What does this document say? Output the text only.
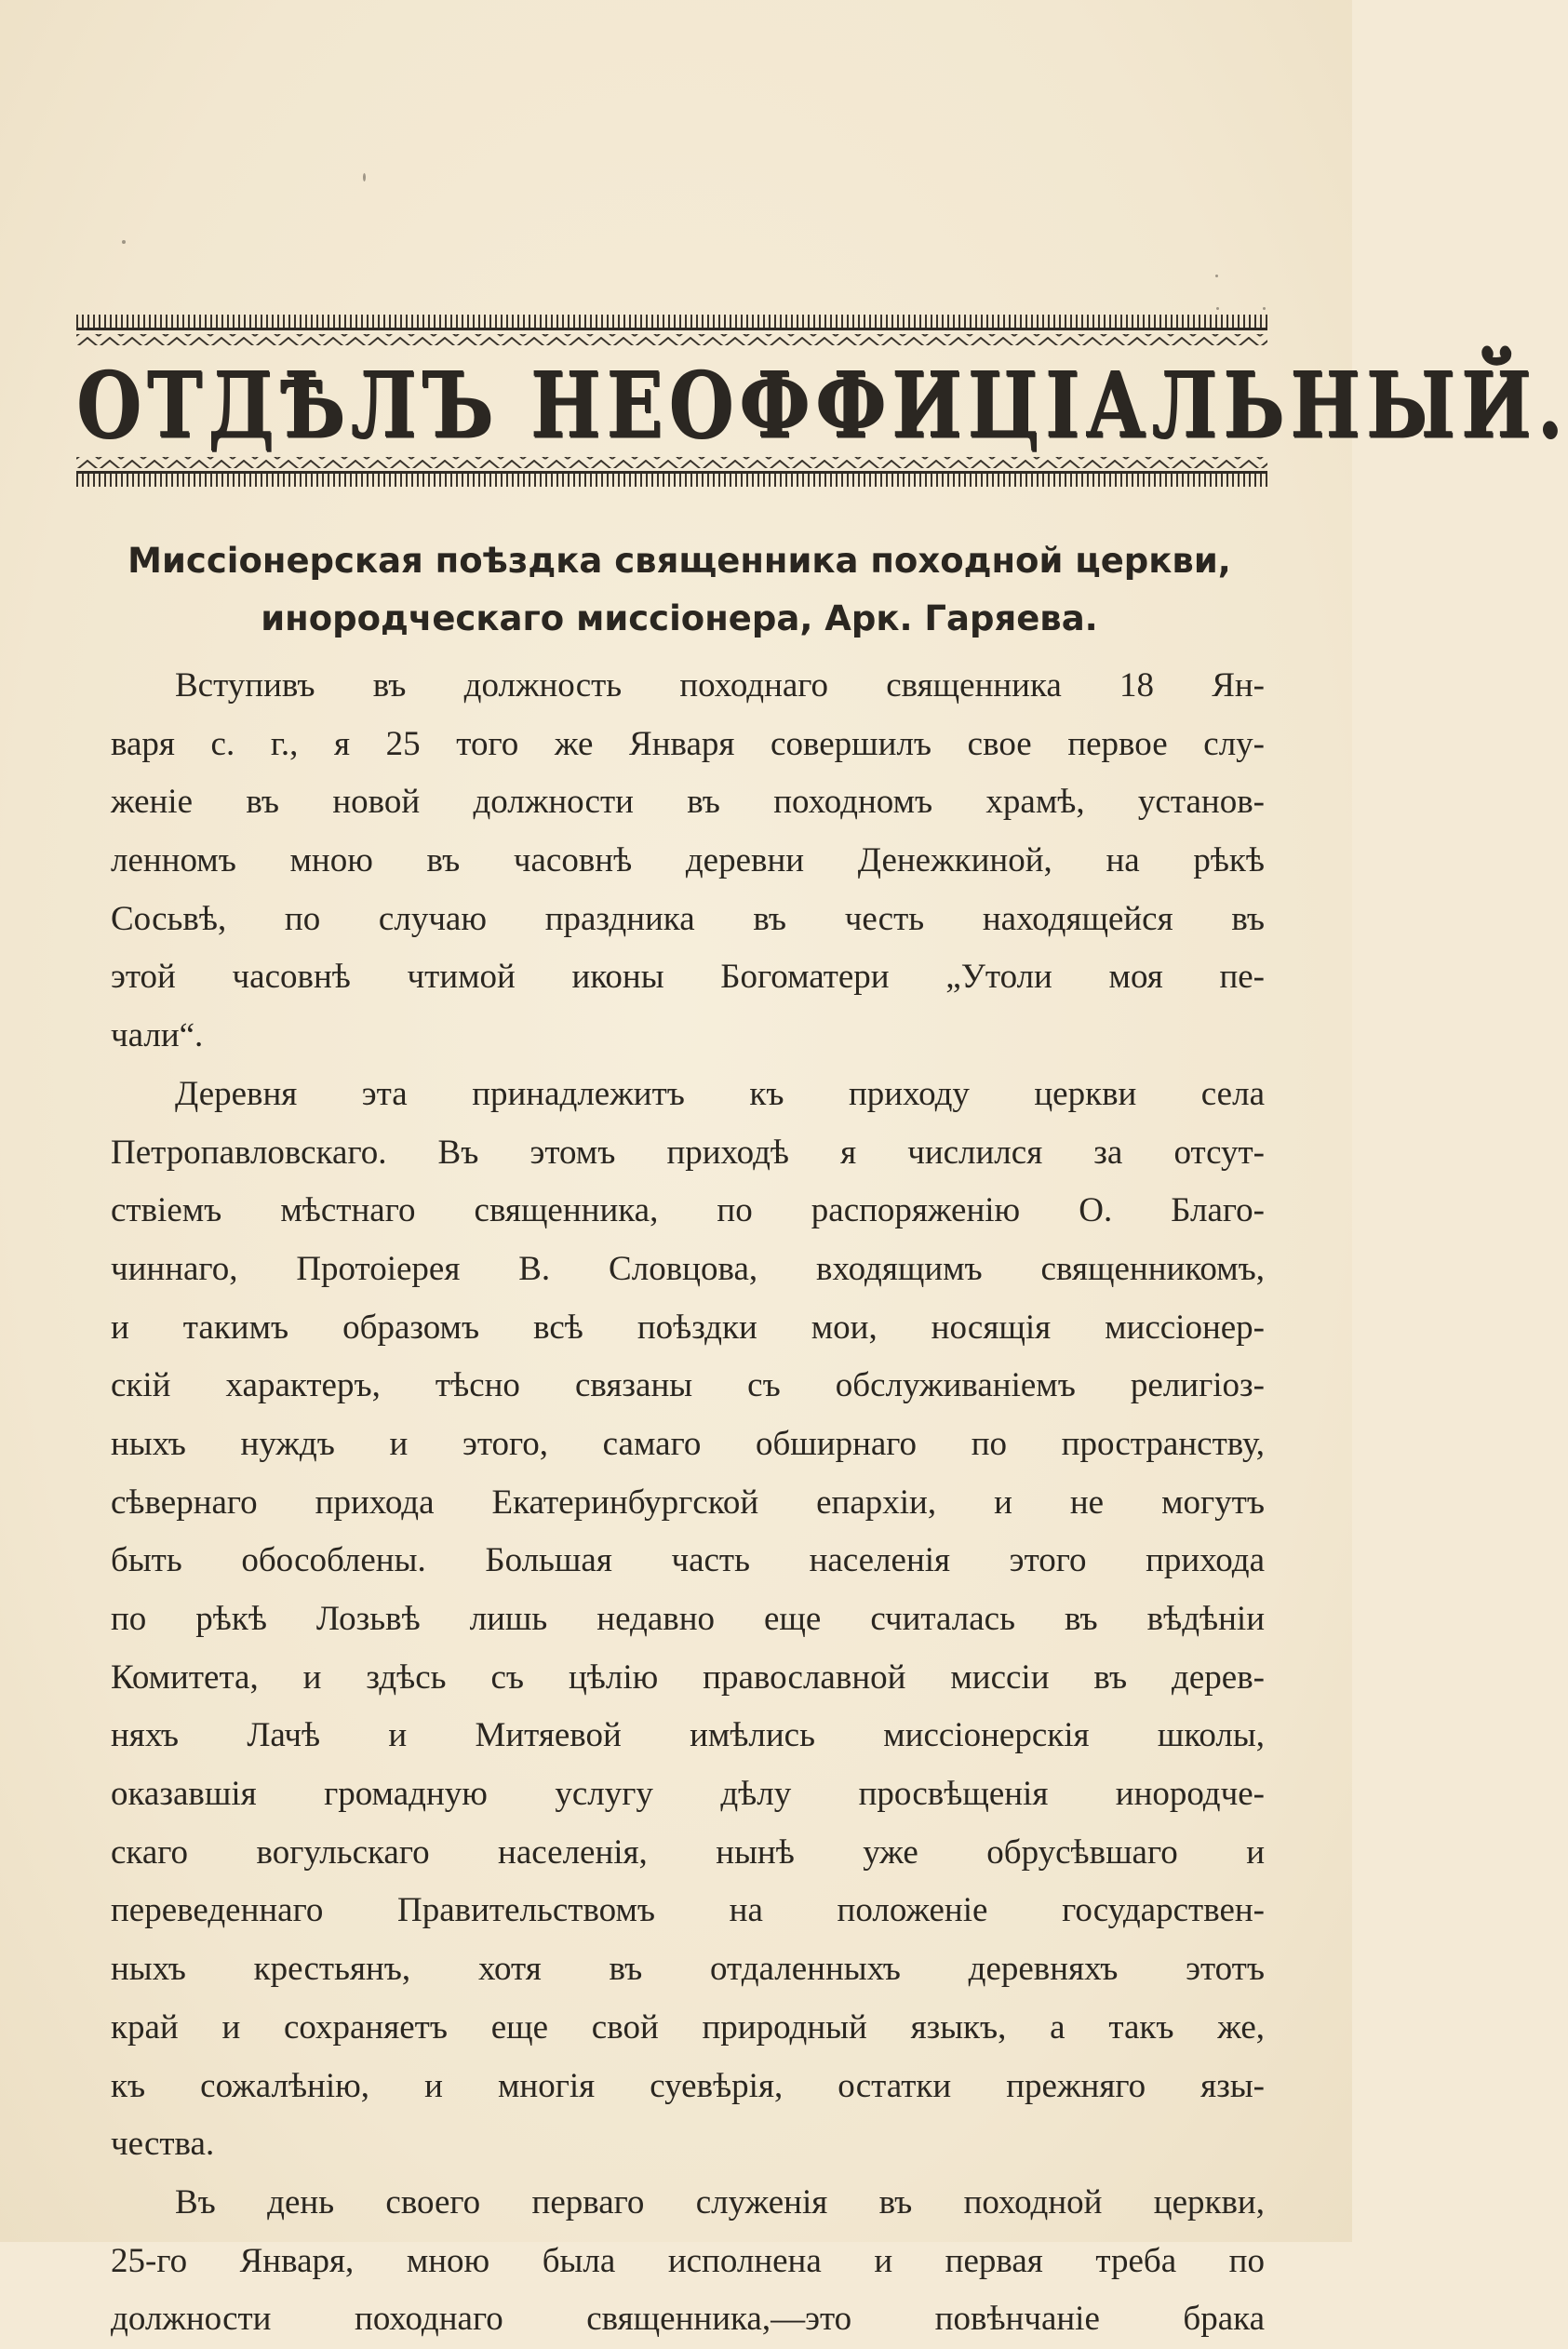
ОТДѢЛЪ НЕОФФИЦІАЛЬНЫЙ.
Миссіонерская поѣздка священника походной церкви,
инородческаго миссіонера, Арк. Гаряева.
Вступивъ въ должность походнаго священника 18 Ян-
варя с. г., я 25 того же Января совершилъ свое первое слу-
женіе въ новой должности въ походномъ храмѣ, установ-
ленномъ мною въ часовнѣ деревни Денежкиной, на рѣкѣ
Сосьвѣ, по случаю праздника въ честь находящейся въ
этой часовнѣ чтимой иконы Богоматери „Утоли моя пе-
чали“.
Деревня эта принадлежитъ къ приходу церкви села
Петропавловскаго. Въ этомъ приходѣ я числился за отсут-
ствіемъ мѣстнаго священника, по распоряженію О. Благо-
чиннаго, Протоіерея В. Словцова, входящимъ священникомъ,
и такимъ образомъ всѣ поѣздки мои, носящія миссіонер-
скій характеръ, тѣсно связаны съ обслуживаніемъ религіоз-
ныхъ нуждъ и этого, самаго обширнаго по пространству,
сѣвернаго прихода Екатеринбургской епархіи, и не могутъ
быть обособлены. Большая часть населенія этого прихода
по рѣкѣ Лозьвѣ лишь недавно еще считалась въ вѣдѣніи
Комитета, и здѣсь съ цѣлію православной миссіи въ дерев-
няхъ Лачѣ и Митяевой имѣлись миссіонерскія школы,
оказавшія громадную услугу дѣлу просвѣщенія инородче-
скаго вогульскаго населенія, нынѣ уже обрусѣвшаго и
переведеннаго Правительствомъ на положеніе государствен-
ныхъ крестьянъ, хотя въ отдаленныхъ деревняхъ этотъ
край и сохраняетъ еще свой природный языкъ, а такъ же,
къ сожалѣнію, и многія суевѣрія, остатки прежняго язы-
чества.
Въ день своего перваго служенія въ походной церкви,
25-го Января, мною была исполнена и первая треба по
должности походнаго священника,—это повѣнчаніе брака
